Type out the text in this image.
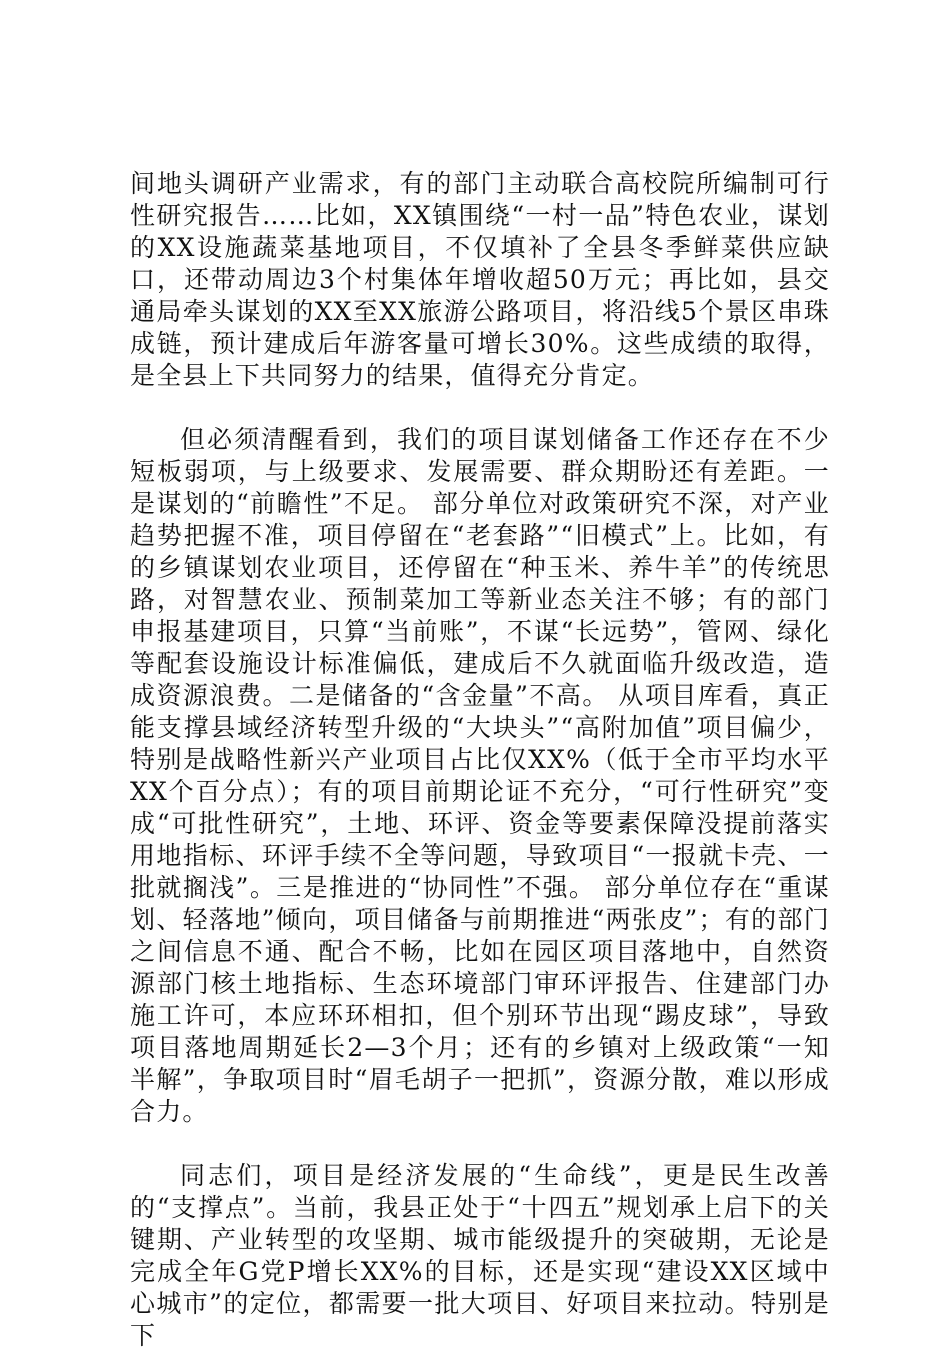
间地头调研产业需求，有的部门主动联合高校院所编制可行性研究报告……比如，XX镇围绕“一村一品”特色农业，谋划的XX设施蔬菜基地项目，不仅填补了全县冬季鲜菜供应缺口，还带动周边3个村集体年增收超50万元；再比如，县交通局牵头谋划的XX至XX旅游公路项目，将沿线5个景区串珠成链，预计建成后年游客量可增长30%。这些成绩的取得，是全县上下共同努力的结果，值得充分肯定。

但必须清醒看到，我们的项目谋划储备工作还存在不少短板弱项，与上级要求、发展需要、群众期盼还有差距。一是谋划的“前瞻性”不足。 部分单位对政策研究不深，对产业趋势把握不准，项目停留在“老套路”“旧模式”上。比如，有的乡镇谋划农业项目，还停留在“种玉米、养牛羊”的传统思路，对智慧农业、预制菜加工等新业态关注不够；有的部门申报基建项目，只算“当前账”，不谋“长远势”，管网、绿化等配套设施设计标准偏低，建成后不久就面临升级改造，造成资源浪费。二是储备的“含金量”不高。 从项目库看，真正能支撑县域经济转型升级的“大块头”“高附加值”项目偏少，特别是战略性新兴产业项目占比仅XX%（低于全市平均水平XX个百分点）；有的项目前期论证不充分，“可行性研究”变成“可批性研究”，土地、环评、资金等要素保障没提前落实用地指标、环评手续不全等问题，导致项目“一报就卡壳、一批就搁浅”。三是推进的“协同性”不强。 部分单位存在“重谋划、轻落地”倾向，项目储备与前期推进“两张皮”；有的部门之间信息不通、配合不畅，比如在园区项目落地中，自然资源部门核土地指标、生态环境部门审环评报告、住建部门办施工许可，本应环环相扣，但个别环节出现“踢皮球”，导致项目落地周期延长2—3个月；还有的乡镇对上级政策“一知半解”，争取项目时“眉毛胡子一把抓”，资源分散，难以形成合力。

同志们，项目是经济发展的“生命线”，更是民生改善的“支撑点”。当前，我县正处于“十四五”规划承上启下的关键期、产业转型的攻坚期、城市能级提升的突破期，无论是完成全年G党P增长XX%的目标，还是实现“建设XX区域中心城市”的定位，都需要一批大项目、好项目来拉动。特别是下
